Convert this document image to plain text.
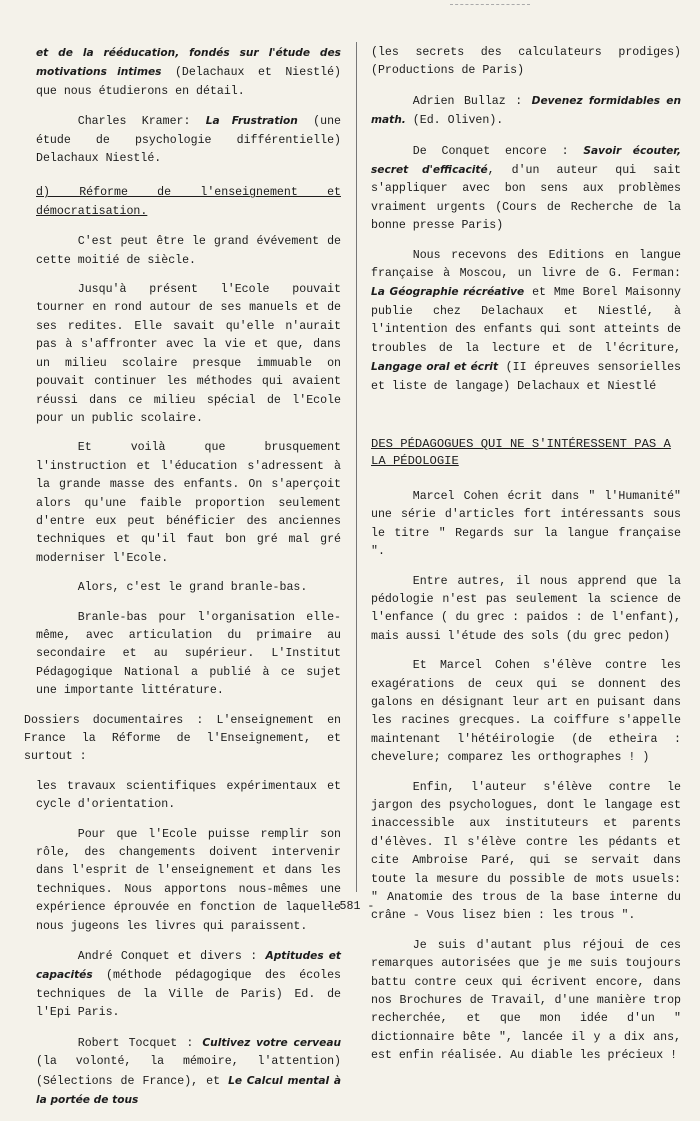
et de la rééducation, fondés sur l'étude des motivations intimes (Delachaux et Niestlé) que nous étudierons en détail.

Charles Kramer: La Frustration (une étude de psychologie différentielle) Delachaux Niestlé.

d) Réforme de l'enseignement et démocratisation.

C'est peut être le grand évévement de cette moitié de siècle.

Jusqu'à présent l'Ecole pouvait tourner en rond autour de ses manuels et de ses redites. Elle savait qu'elle n'aurait pas à s'affronter avec la vie et que, dans un milieu scolaire presque immuable on pouvait continuer les méthodes qui avaient réussi dans ce milieu spécial de l'Ecole pour un public scolaire.

Et voilà que brusquement l'instruction et l'éducation s'adressent à la grande masse des enfants. On s'aperçoit alors qu'une faible proportion seulement d'entre eux peut bénéficier des anciennes techniques et qu'il faut bon gré mal gré moderniser l'Ecole.

Alors, c'est le grand branle-bas.

Branle-bas pour l'organisation elle-même, avec articulation du primaire au secondaire et au supérieur. L'Institut Pédagogique National a publié à ce sujet une importante littérature.

Dossiers documentaires : L'enseignement en France la Réforme de l'Enseignement, et surtout :

les travaux scientifiques expérimentaux et cycle d'orientation.

Pour que l'Ecole puisse remplir son rôle, des changements doivent intervenir dans l'esprit de l'enseignement et dans les techniques. Nous apportons nous-mêmes une expérience éprouvée en fonction de laquelle nous jugeons les livres qui paraissent.

André Conquet et divers : Aptitudes et capacités (méthode pédagogique des écoles techniques de la Ville de Paris) Ed. de l'Epi Paris.

Robert Tocquet : Cultivez votre cerveau (la volonté, la mémoire, l'attention) (Sélections de France), et Le Calcul mental à la portée de tous

(les secrets des calculateurs prodiges) (Productions de Paris)

Adrien Bullaz : Devenez formidables en math. (Ed. Oliven).

De Conquet encore : Savoir écouter, secret d'efficacité, d'un auteur qui sait s'appliquer avec bon sens aux problèmes vraiment urgents (Cours de Recherche de la bonne presse Paris)

Nous recevons des Editions en langue française à Moscou, un livre de G. Ferman: La Géographie récréative et Mme Borel Maisonny publie chez Delachaux et Niestlé, à l'intention des enfants qui sont atteints de troubles de la lecture et de l'écriture, Langage oral et écrit (II épreuves sensorielles et liste de langage) Delachaux et Niestlé

DES PÉDAGOGUES QUI NE S'INTÉRESSENT PAS A LA PÉDOLOGIE

Marcel Cohen écrit dans " l'Humanité" une série d'articles fort intéressants sous le titre " Regards sur la langue française ".

Entre autres, il nous apprend que la pédologie n'est pas seulement la science de l'enfance ( du grec : paidos : de l'enfant), mais aussi l'étude des sols (du grec pedon)

Et Marcel Cohen s'élève contre les exagérations de ceux qui se donnent des galons en désignant leur art en puisant dans les racines grecques. La coiffure s'appelle maintenant l'hétéirologie (de etheira : chevelure; comparez les orthographes ! )

Enfin, l'auteur s'élève contre le jargon des psychologues, dont le langage est inaccessible aux instituteurs et parents d'élèves. Il s'élève contre les pédants et cite Ambroise Paré, qui se servait dans toute la mesure du possible de mots usuels: " Anatomie des trous de la base interne du crâne - Vous lisez bien : les trous ".

Je suis d'autant plus réjoui de ces remarques autorisées que je me suis toujours battu contre ceux qui écrivent encore, dans nos Brochures de Travail, d'une manière trop recherchée, et que mon idée d'un " dictionnaire bête ", lancée il y a dix ans, est enfin réalisée. Au diable les précieux !

- 581 -
